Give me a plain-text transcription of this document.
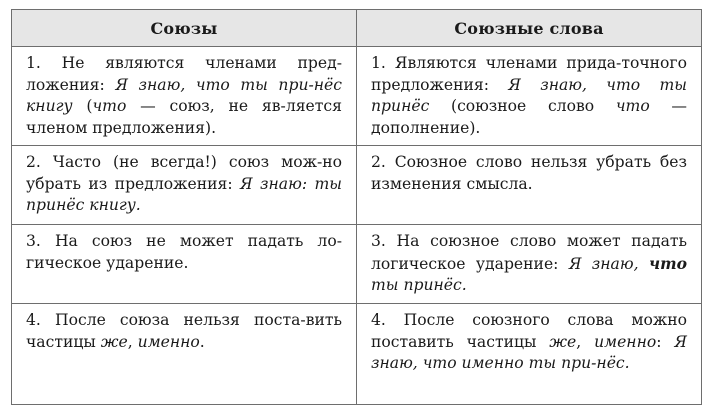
Союзы	Союзные слова
1. Не являются членами пред-ложения: Я знаю, что ты при-нёс книгу (что — союз, не яв-ляется членом предложения).	1. Являются членами прида-точного предложения: Я знаю, что ты принёс (союзное слово что — дополнение).
2. Часто (не всегда!) союз мож-но убрать из предложения: Я знаю: ты принёс книгу.	2. Союзное слово нельзя убрать без изменения смысла.
3. На союз не может падать ло-гическое ударение.	3. На союзное слово может падать логическое ударение: Я знаю, что ты принёс.
4. После союза нельзя поста-вить частицы же, именно.	4. После союзного слова можно поставить частицы же, именно: Я знаю, что именно ты при-нёс.
